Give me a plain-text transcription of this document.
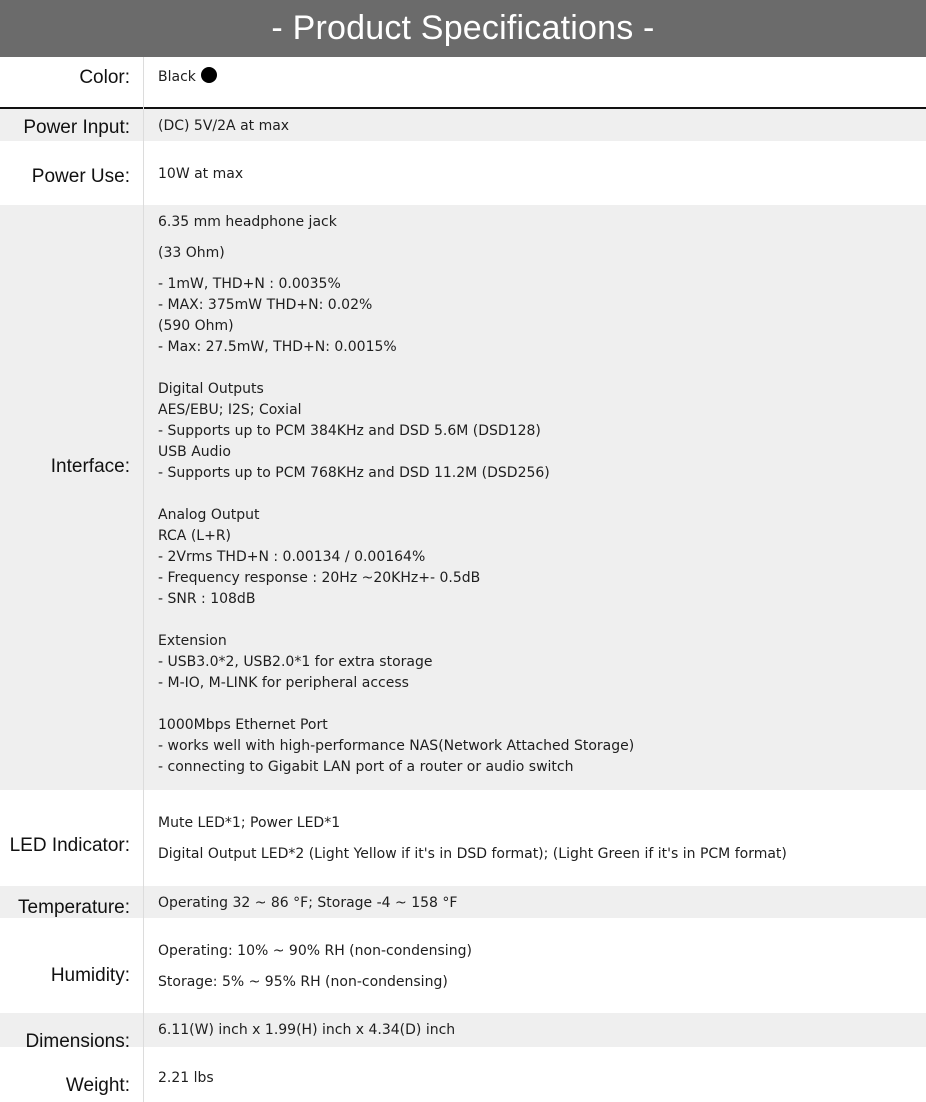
- Product Specifications -
Color:
Power Input:
Power Use:
Interface:
LED Indicator:
Temperature:
Humidity:
Dimensions:
Weight:
Black
(DC) 5V/2A at max
10W at max
6.35 mm headphone jack
(33 Ohm)
- 1mW, THD+N : 0.0035%
- MAX: 375mW THD+N: 0.02%
(590 Ohm)
- Max: 27.5mW, THD+N: 0.0015%
Digital Outputs
AES/EBU; I2S; Coxial
- Supports up to PCM 384KHz and DSD 5.6M (DSD128)
USB Audio
- Supports up to PCM 768KHz and DSD 11.2M (DSD256)
Analog Output
RCA (L+R)
- 2Vrms THD+N : 0.00134 / 0.00164%
- Frequency response : 20Hz ~20KHz+- 0.5dB
- SNR : 108dB
Extension
- USB3.0*2, USB2.0*1 for extra storage
- M-IO, M-LINK for peripheral access
1000Mbps Ethernet Port
- works well with high-performance NAS(Network Attached Storage)
- connecting to Gigabit LAN port of a router or audio switch
Mute LED*1; Power LED*1
Digital Output LED*2 (Light Yellow if it's in DSD format); (Light Green if it's in PCM format)
Operating 32 ~ 86 °F; Storage -4 ~ 158 °F
Operating: 10% ~ 90% RH (non-condensing)
Storage: 5% ~ 95% RH (non-condensing)
6.11(W) inch x 1.99(H) inch x 4.34(D) inch
2.21 lbs
